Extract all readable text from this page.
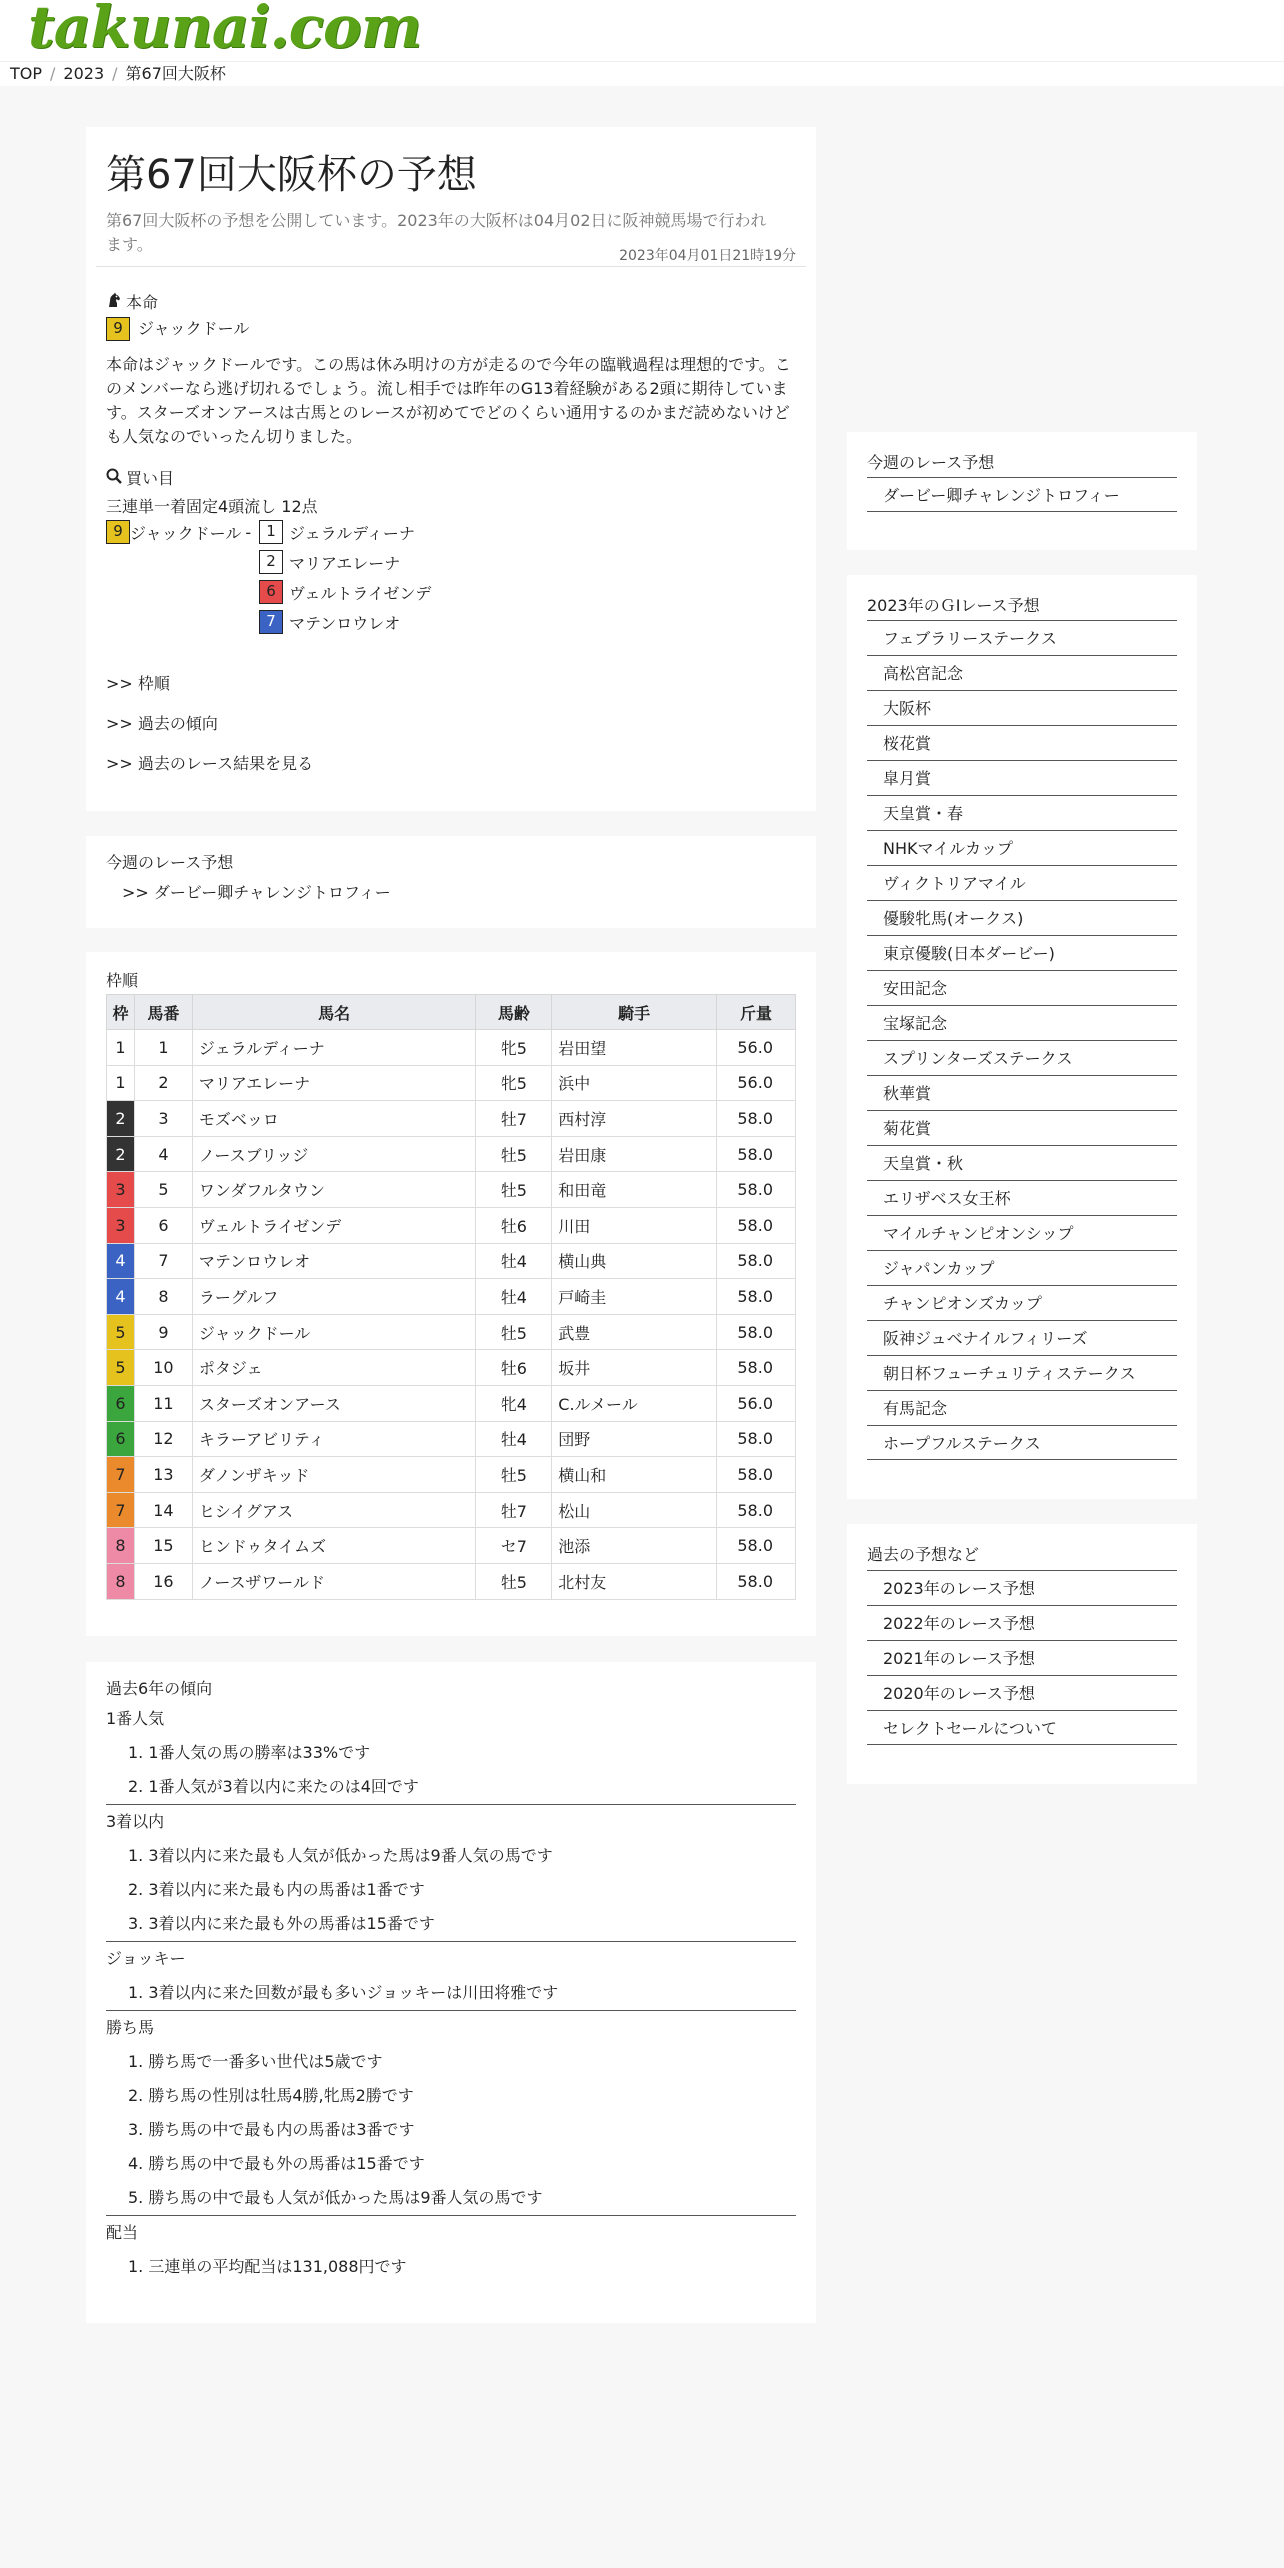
takunai.com
TOP / 2023 / 第67回大阪杯
第67回大阪杯の予想

第67回大阪杯の予想を公開しています。2023年の大阪杯は04月02日に阪神競馬場で行われます。

2023年04月01日21時19分
本命
9 ジャックドール

本命はジャックドールです。この馬は休み明けの方が走るので今年の臨戦過程は理想的です。このメンバーなら逃げ切れるでしょう。流し相手では昨年のG13着経験がある2頭に期待しています。スターズオンアースは古馬とのレースが初めてでどのくらい通用するのかまだ読めないけども人気なのでいったん切りました。

買い目
三連単一着固定4頭流し 12点
9 ジャックドール -	1 ジェラルディーナ
2 マリアエレーナ
6 ヴェルトライゼンデ
7 マテンロウレオ
>> 枠順
>> 過去の傾向
>> 過去のレース結果を見る
今週のレース予想
>> ダービー卿チャレンジトロフィー
枠順
枠	馬番	馬名	馬齢	騎手	斤量
1	1	ジェラルディーナ	牝5	岩田望	56.0
1	2	マリアエレーナ	牝5	浜中	56.0
2	3	モズベッロ	牡7	西村淳	58.0
2	4	ノースブリッジ	牡5	岩田康	58.0
3	5	ワンダフルタウン	牡5	和田竜	58.0
3	6	ヴェルトライゼンデ	牡6	川田	58.0
4	7	マテンロウレオ	牡4	横山典	58.0
4	8	ラーグルフ	牡4	戸崎圭	58.0
5	9	ジャックドール	牡5	武豊	58.0
5	10	ポタジェ	牡6	坂井	58.0
6	11	スターズオンアース	牝4	C.ルメール	56.0
6	12	キラーアビリティ	牡4	団野	58.0
7	13	ダノンザキッド	牡5	横山和	58.0
7	14	ヒシイグアス	牡7	松山	58.0
8	15	ヒンドゥタイムズ	セ7	池添	58.0
8	16	ノースザワールド	牡5	北村友	58.0
過去6年の傾向
1番人気
1. 1番人気の馬の勝率は33%です
2. 1番人気が3着以内に来たのは4回です
3着以内
1. 3着以内に来た最も人気が低かった馬は9番人気の馬です
2. 3着以内に来た最も内の馬番は1番です
3. 3着以内に来た最も外の馬番は15番です
ジョッキー
1. 3着以内に来た回数が最も多いジョッキーは川田将雅です
勝ち馬
1. 勝ち馬で一番多い世代は5歳です
2. 勝ち馬の性別は牡馬4勝,牝馬2勝です
3. 勝ち馬の中で最も内の馬番は3番です
4. 勝ち馬の中で最も外の馬番は15番です
5. 勝ち馬の中で最も人気が低かった馬は9番人気の馬です
配当
1. 三連単の平均配当は131,088円です
今週のレース予想
ダービー卿チャレンジトロフィー
2023年のＧⅠレース予想
フェブラリーステークス
高松宮記念
大阪杯
桜花賞
皐月賞
天皇賞・春
NHKマイルカップ
ヴィクトリアマイル
優駿牝馬(オークス)
東京優駿(日本ダービー)
安田記念
宝塚記念
スプリンターズステークス
秋華賞
菊花賞
天皇賞・秋
エリザベス女王杯
マイルチャンピオンシップ
ジャパンカップ
チャンピオンズカップ
阪神ジュベナイルフィリーズ
朝日杯フューチュリティステークス
有馬記念
ホープフルステークス
過去の予想など
2023年のレース予想
2022年のレース予想
2021年のレース予想
2020年のレース予想
セレクトセールについて
